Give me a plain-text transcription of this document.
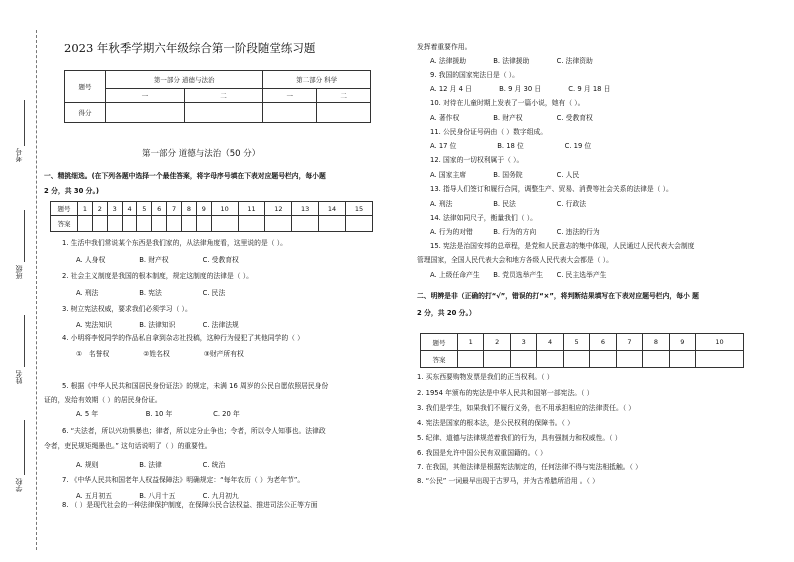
考号
班级
姓名
学校
2023 年秋季学期六年级综合第一阶段随堂练习题
题号	第一部分 道德与法治		第二部分 科学	
	一	二	一	二
得分				
第一部分 道德与法治（50 分）
一、精挑细选。(在下列各题中选择一个最佳答案，将字母序号填在下表对应题号栏内，每小题
2 分，共 30 分。)
题号	1	2	3	4	5	6	7	8	9	10	11	12	13	14	15
答案															
1. 生活中我们常说某个东西是我们家的，从法律角度看，这里说的是（ ）。
A. 人身权　　　　　B. 财产权　　　　　C. 受教育权
2. 社会主义制度是我国的根本制度，规定这制度的法律是（ ）。
A. 刑法　　　　　　B. 宪法　　　　　　C. 民法
3. 树立宪法权威，要求我们必须学习（ ）。
A. 宪法知识　　　　B. 法律知识　　　　C. 法律法规
4. 小明将李悦同学的作品私自拿到杂志社投稿，这种行为侵犯了其他同学的（ ）
①　名誉权　　　　　②姓名权　　　　　③财产所有权
5. 根据《中华人民共和国居民身份证法》的规定，未满 16 周岁的公民自愿依照居民身份
证的，发给有效期（ ）的居民身份证。
A. 5 年　　　　　　　B. 10 年　　　　　　C. 20 年
6. “夫法者，所以兴功惧暴也；律者，所以定分止争也；令者，所以令人知事也。法律政
令者，吏民规矩绳墨也。” 这句话说明了（ ）的重要性。
A. 规则　　　　　　B. 法律　　　　　　C. 统治
7. 《中华人民共和国老年人权益保障法》明确规定：“每年农历（ ）为老年节”。
A. 五月初五　　　　B. 八月十五　　　　C. 九月初九
8. （ ）是现代社会的一种法律保护制度，在保障公民合法权益、推进司法公正等方面
发挥着重要作用。
A. 法律援助　　　　B. 法律援助　　　　C. 法律资助
9. 我国的国家宪法日是（ ）。
A. 12 月 4 日　　　　B. 9 月 30 日　　　　C. 9 月 18 日
10. 对待在儿童时期上发表了一篇小说，她有（ ）。
A. 著作权　　　　　B. 财产权　　　　　C. 受教育权
11. 公民身份证号码由（ ）数字组成。
A. 17 位　　　　　　B. 18 位　　　　　　C. 19 位
12. 国家的一切权利属于（ ）。
A. 国家主席　　　　B. 国务院　　　　　C. 人民
13. 指导人们签订和履行合同，调整生产、贸易、消费等社会关系的法律是（ ）。
A. 刑法　　　　　　B. 民法　　　　　　C. 行政法
14. 法律如同尺子，衡量我们（ ）。
A. 行为的对错　　　B. 行为的方向　　　C. 违法的行为
15. 宪法是治国安邦的总章程，是党和人民意志的集中体现，人民通过人民代表大会制度
管理国家，全国人民代表大会和地方各级人民代表大会都是（ ）。
A. 上级任命产生　　B. 党员选举产生　　C. 民主选举产生
二、明辨是非（正确的打“√”，错误的打“×”，将判断结果填写在下表对应题号栏内，每小 题
2 分，共 20 分。）
题号	1	2	3	4	5	6	7	8	9	10
答案										
1. 买东西要购物发票是我们的正当权利。（ ）
2. 1954 年颁布的宪法是中华人民共和国第一部宪法。（ ）
3. 我们是学生，如果我们不履行义务，也不用承担相应的法律责任。（ ）
4. 宪法是国家的根本法，是公民权利的保障书。（ ）
5. 纪律、道德与法律规范着我们的行为，具有强制力和权威性。（ ）
6. 我国是允许中国公民有双重国籍的。（ ）
7. 在我国，其他法律是根据宪法制定的，任何法律不得与宪法相抵触。（ ）
8. “公民” 一词最早出现于古罗马，并为古希腊所沿用 。（ ）
